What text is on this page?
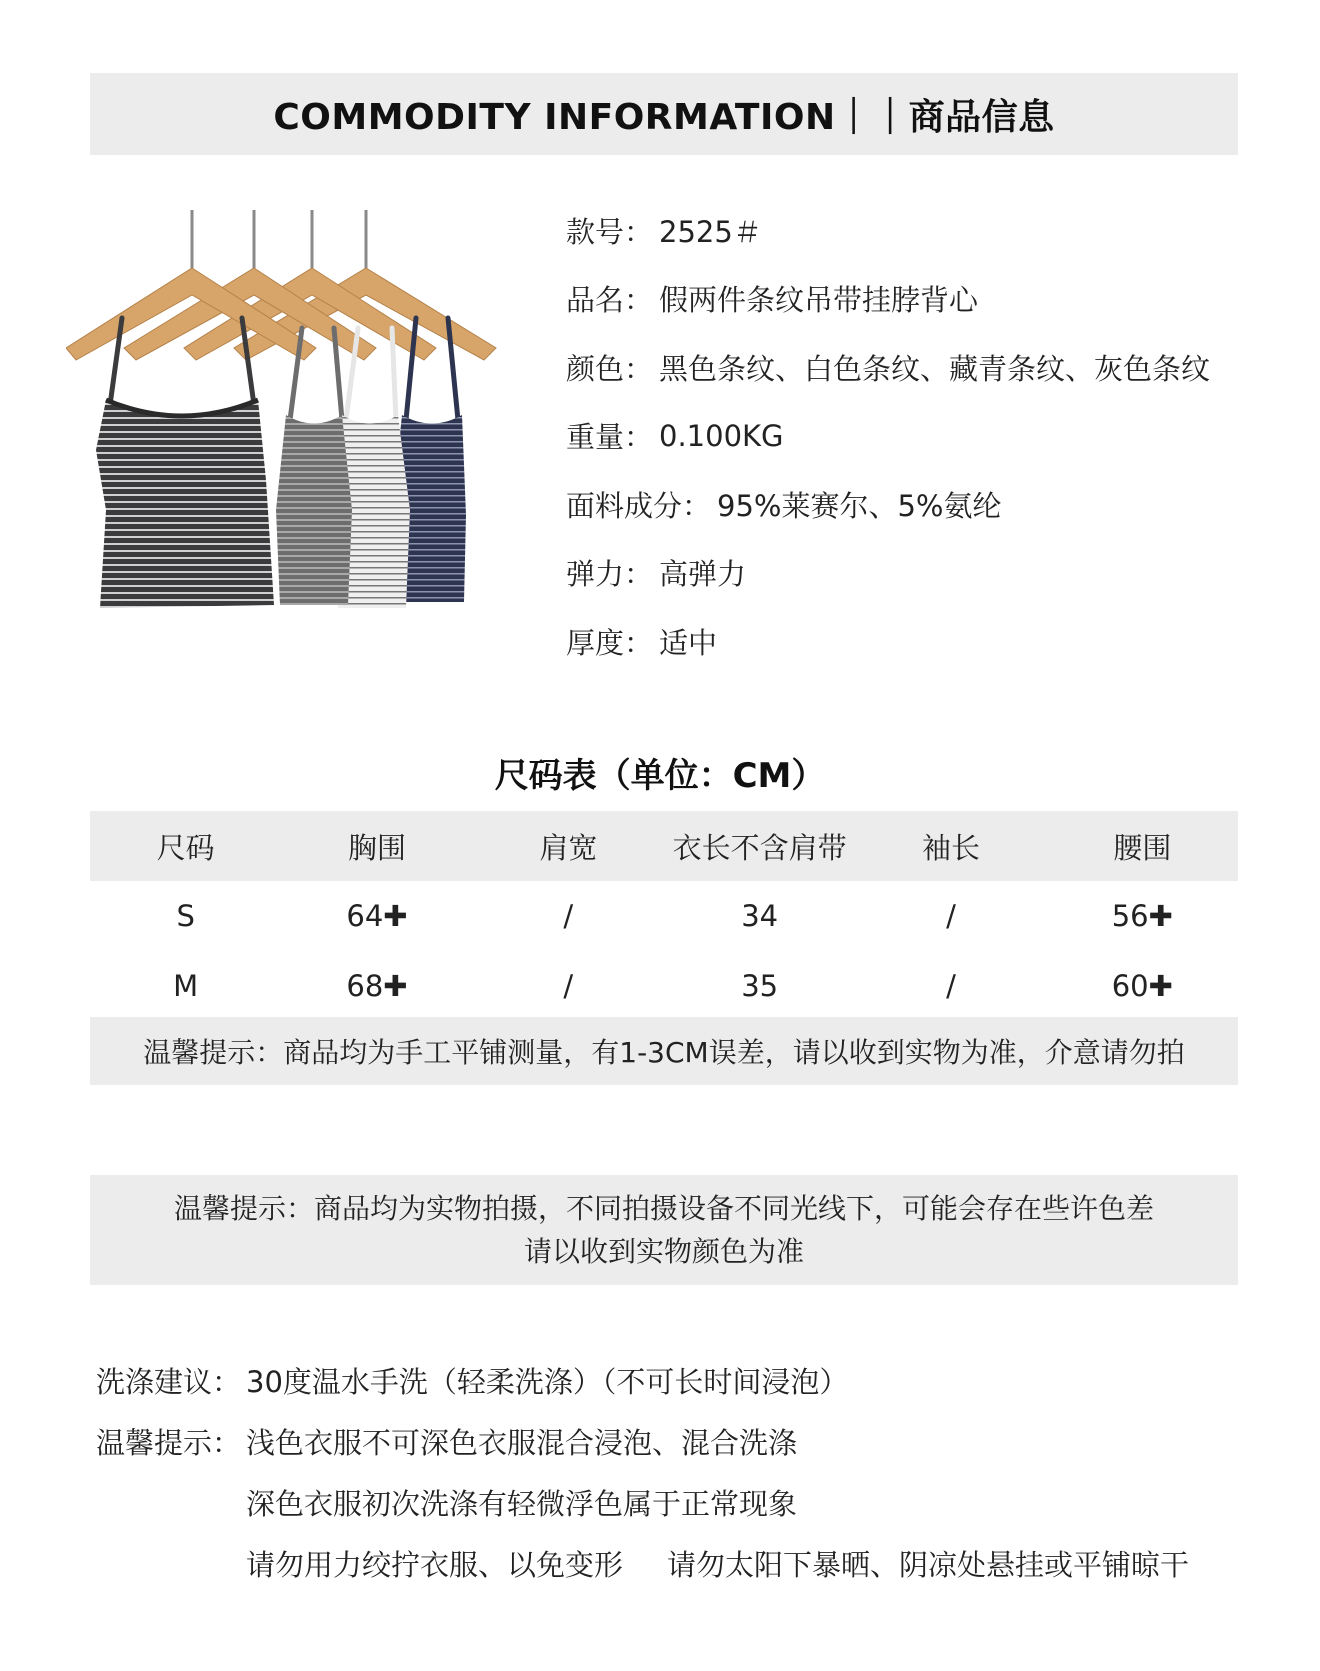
COMMODITY INFORMATION｜｜商品信息
款号： 2525＃
品名： 假两件条纹吊带挂脖背心
颜色： 黑色条纹、白色条纹、藏青条纹、灰色条纹
重量： 0.100KG
面料成分： 95%莱赛尔、5%氨纶
弹力： 高弹力
厚度： 适中
尺码表（单位：CM）
尺码	胸围	肩宽	衣长不含肩带	袖长	腰围
S	64✚	/	34	/	56✚
M	68✚	/	35	/	60✚
温馨提示：商品均为手工平铺测量，有1-3CM误差，请以收到实物为准，介意请勿拍
温馨提示：商品均为实物拍摄，不同拍摄设备不同光线下，可能会存在些许色差
请以收到实物颜色为准
洗涤建议： 30度温水手洗（轻柔洗涤）（不可长时间浸泡）
温馨提示： 浅色衣服不可深色衣服混合浸泡、混合洗涤
深色衣服初次洗涤有轻微浮色属于正常现象
请勿用力绞拧衣服、以免变形 请勿太阳下暴晒、阴凉处悬挂或平铺晾干
